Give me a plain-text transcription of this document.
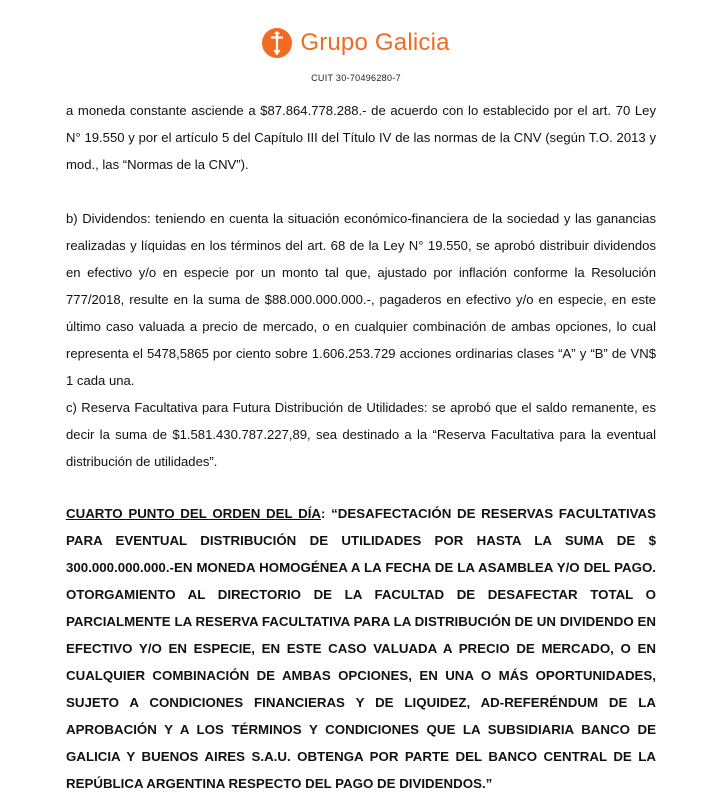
Grupo Galicia
CUIT 30-70496280-7

a moneda constante asciende a $87.864.778.288.- de acuerdo con lo establecido por el art. 70 Ley N° 19.550 y por el artículo 5 del Capítulo III del Título IV de las normas de la CNV (según T.O. 2013 y mod., las “Normas de la CNV”).

b) Dividendos: teniendo en cuenta la situación económico-financiera de la sociedad y las ganancias realizadas y líquidas en los términos del art. 68 de la Ley N° 19.550, se aprobó distribuir dividendos en efectivo y/o en especie por un monto tal que, ajustado por inflación conforme la Resolución 777/2018, resulte en la suma de $88.000.000.000.-, pagaderos en efectivo y/o en especie, en este último caso valuada a precio de mercado, o en cualquier combinación de ambas opciones, lo cual representa el 5478,5865 por ciento sobre 1.606.253.729 acciones ordinarias clases “A” y “B” de VN$ 1 cada una.

c) Reserva Facultativa para Futura Distribución de Utilidades: se aprobó que el saldo remanente, es decir la suma de $1.581.430.787.227,89, sea destinado a la “Reserva Facultativa para la eventual distribución de utilidades”.

CUARTO PUNTO DEL ORDEN DEL DÍA: “DESAFECTACIÓN DE RESERVAS FACULTATIVAS PARA EVENTUAL DISTRIBUCIÓN DE UTILIDADES POR HASTA LA SUMA DE $ 300.000.000.000.-EN MONEDA HOMOGÉNEA A LA FECHA DE LA ASAMBLEA Y/O DEL PAGO. OTORGAMIENTO AL DIRECTORIO DE LA FACULTAD DE DESAFECTAR TOTAL O PARCIALMENTE LA RESERVA FACULTATIVA PARA LA DISTRIBUCIÓN DE UN DIVIDENDO EN EFECTIVO Y/O EN ESPECIE, EN ESTE CASO VALUADA A PRECIO DE MERCADO, O EN CUALQUIER COMBINACIÓN DE AMBAS OPCIONES, EN UNA O MÁS OPORTUNIDADES, SUJETO A CONDICIONES FINANCIERAS Y DE LIQUIDEZ, AD-REFERÉNDUM DE LA APROBACIÓN Y A LOS TÉRMINOS Y CONDICIONES QUE LA SUBSIDIARIA BANCO DE GALICIA Y BUENOS AIRES S.A.U. OBTENGA POR PARTE DEL BANCO CENTRAL DE LA REPÚBLICA ARGENTINA RESPECTO DEL PAGO DE DIVIDENDOS.”
